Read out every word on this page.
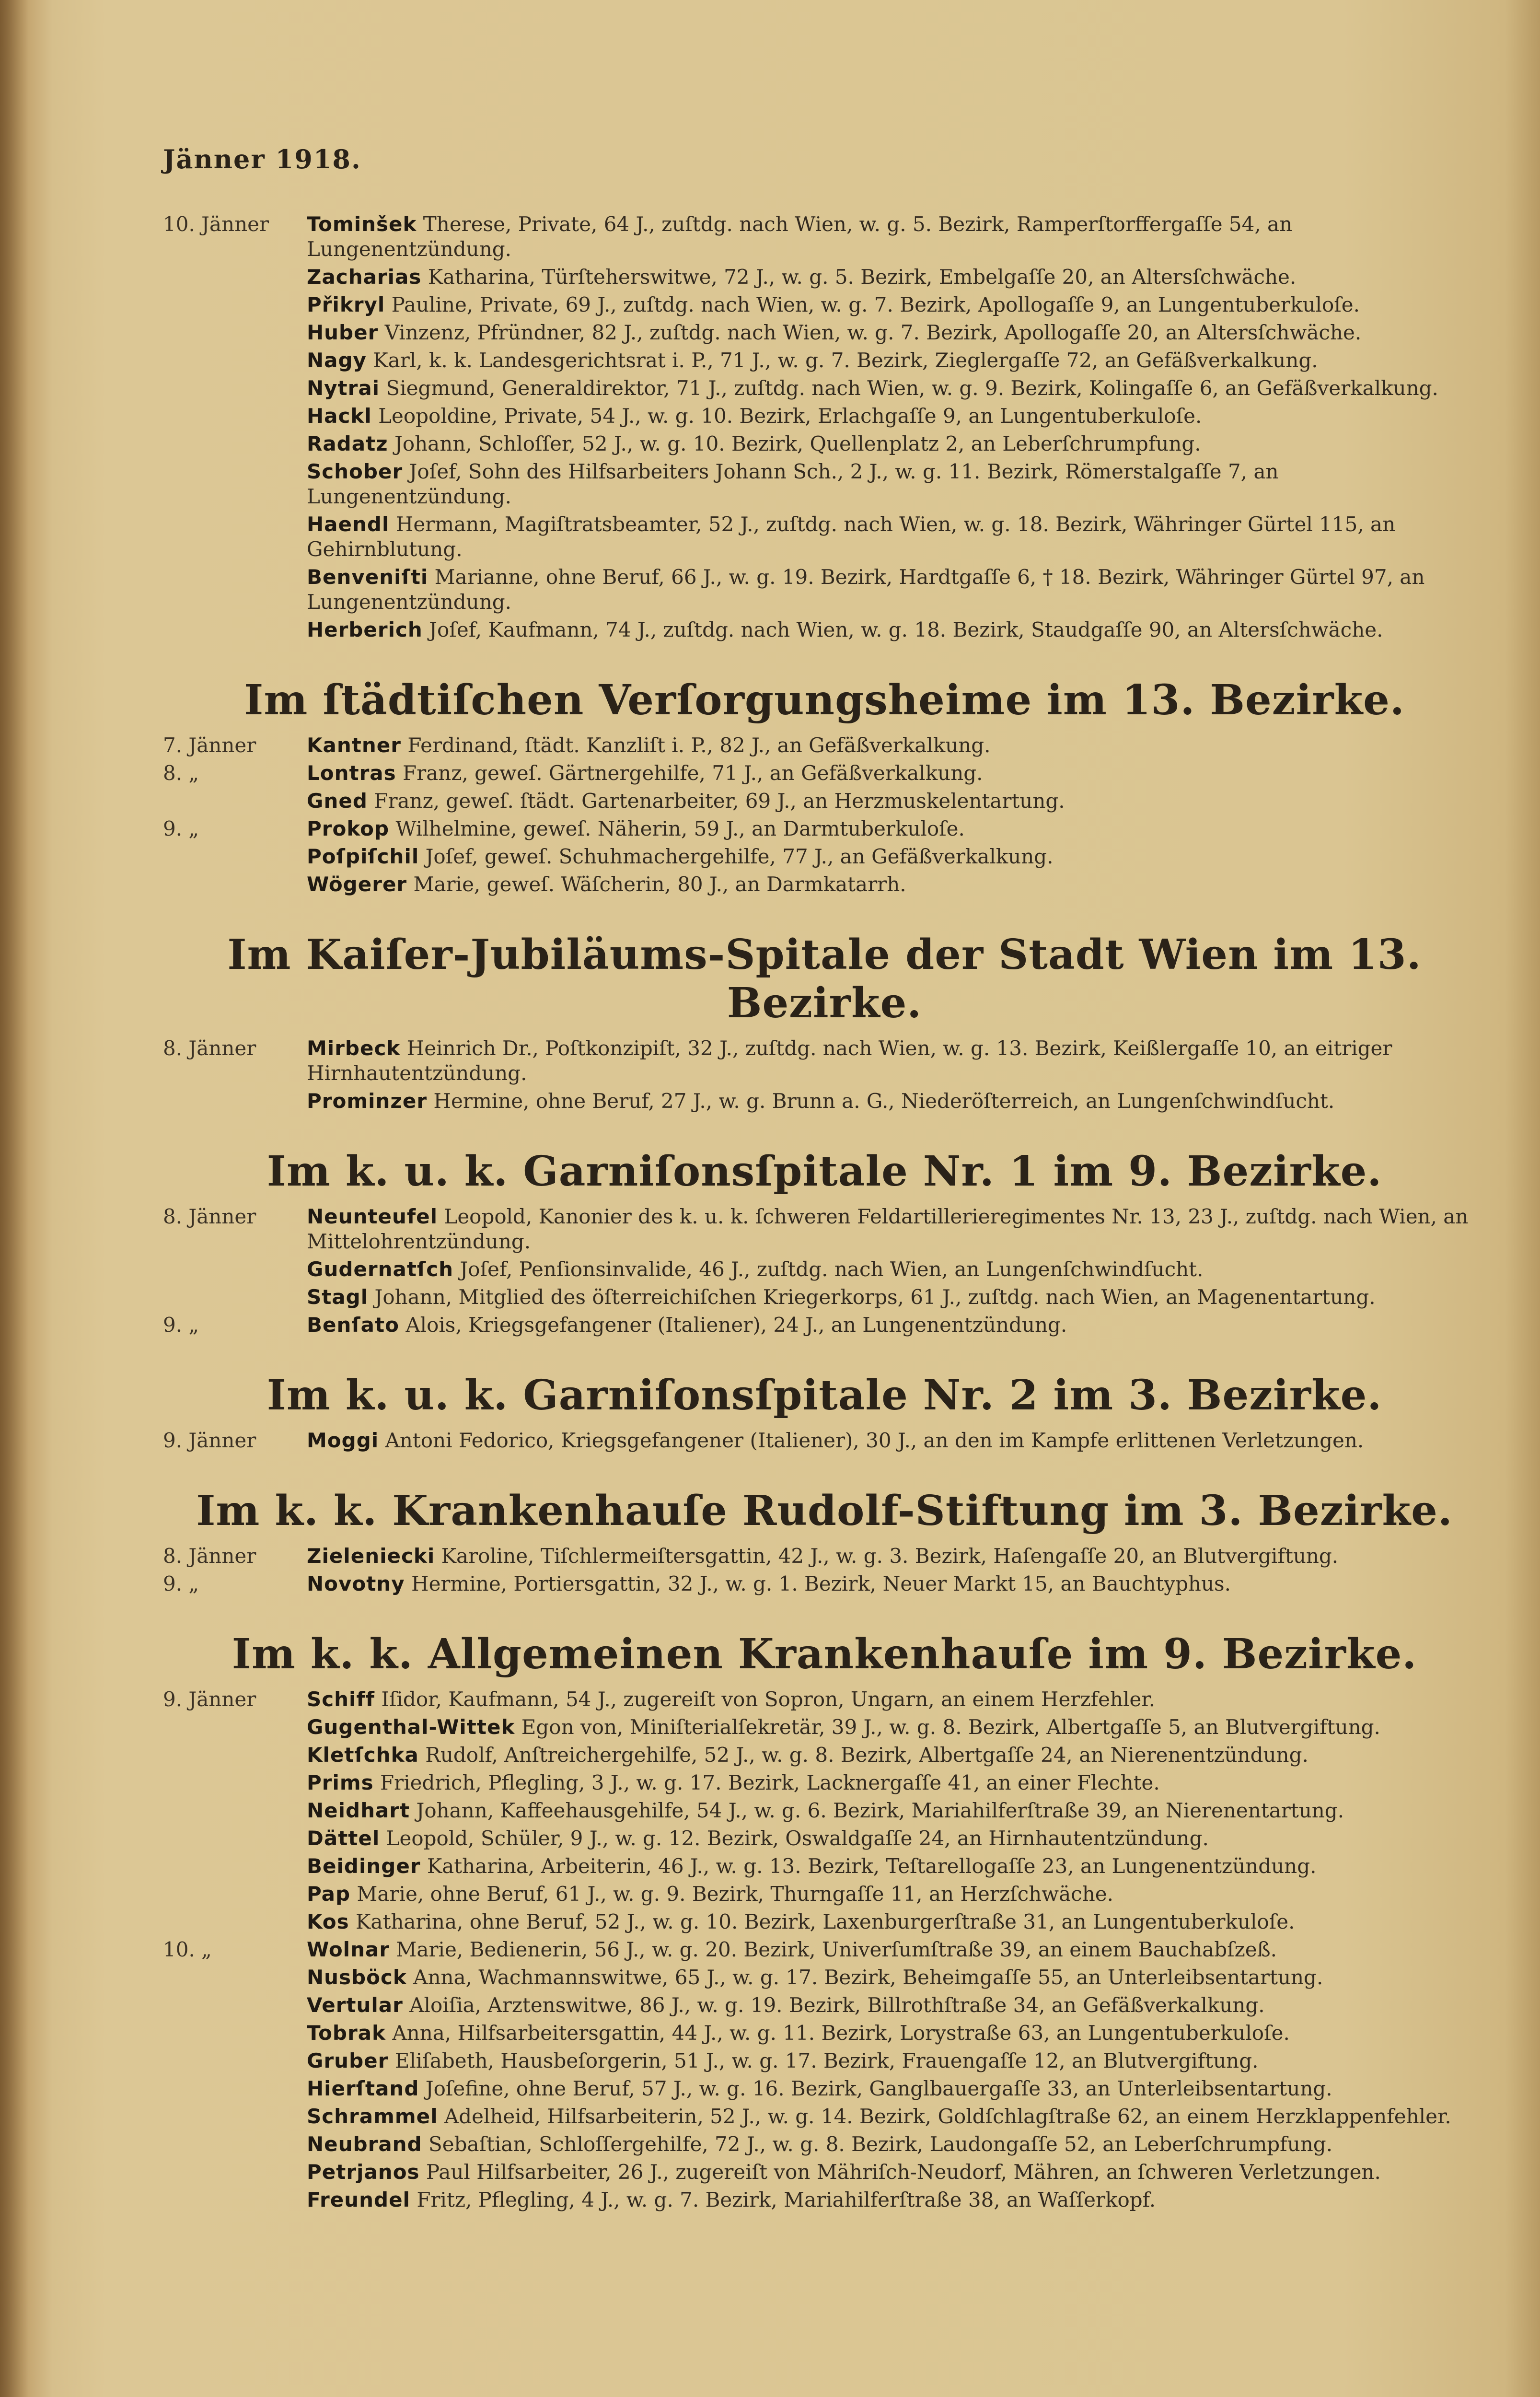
Jänner 1918.
10. Jänner	Tominšek Therese, Private, 64 J., zuſtdg. nach Wien, w. g. 5. Bezirk, Ramperſtorffergaſſe 54, an Lungenentzündung.
Zacharias Katharina, Türſteherswitwe, 72 J., w. g. 5. Bezirk, Embelgaſſe 20, an Altersſchwäche.
Přikryl Pauline, Private, 69 J., zuſtdg. nach Wien, w. g. 7. Bezirk, Apollogaſſe 9, an Lungentuberkuloſe.
Huber Vinzenz, Pfründner, 82 J., zuſtdg. nach Wien, w. g. 7. Bezirk, Apollogaſſe 20, an Altersſchwäche.
Nagy Karl, k. k. Landesgerichtsrat i. P., 71 J., w. g. 7. Bezirk, Zieglergaſſe 72, an Gefäßverkalkung.
Nytrai Siegmund, Generaldirektor, 71 J., zuſtdg. nach Wien, w. g. 9. Bezirk, Kolingaſſe 6, an Gefäßverkalkung.
Hackl Leopoldine, Private, 54 J., w. g. 10. Bezirk, Erlachgaſſe 9, an Lungentuberkuloſe.
Radatz Johann, Schloſſer, 52 J., w. g. 10. Bezirk, Quellenplatz 2, an Leberſchrumpfung.
Schober Joſef, Sohn des Hilfsarbeiters Johann Sch., 2 J., w. g. 11. Bezirk, Römerstalgaſſe 7, an Lungenentzündung.
Haendl Hermann, Magiſtratsbeamter, 52 J., zuſtdg. nach Wien, w. g. 18. Bezirk, Währinger Gürtel 115, an Gehirnblutung.
Benveniſti Marianne, ohne Beruf, 66 J., w. g. 19. Bezirk, Hardtgaſſe 6, † 18. Bezirk, Währinger Gürtel 97, an Lungenentzündung.
Herberich Joſef, Kaufmann, 74 J., zuſtdg. nach Wien, w. g. 18. Bezirk, Staudgaſſe 90, an Altersſchwäche.
Im ſtädtiſchen Verſorgungsheime im 13. Bezirke.
7. Jänner	Kantner Ferdinand, ſtädt. Kanzliſt i. P., 82 J., an Gefäßverkalkung.
8. „	Lontras Franz, geweſ. Gärtnergehilfe, 71 J., an Gefäßverkalkung.
Gned Franz, geweſ. ſtädt. Gartenarbeiter, 69 J., an Herzmuskelentartung.
9. „	Prokop Wilhelmine, geweſ. Näherin, 59 J., an Darmtuberkuloſe.
Poſpiſchil Joſef, geweſ. Schuhmachergehilfe, 77 J., an Gefäßverkalkung.
Wögerer Marie, geweſ. Wäſcherin, 80 J., an Darmkatarrh.
Im Kaiſer-Jubiläums-Spitale der Stadt Wien im 13. Bezirke.
8. Jänner	Mirbeck Heinrich Dr., Poſtkonzipiſt, 32 J., zuſtdg. nach Wien, w. g. 13. Bezirk, Keißlergaſſe 10, an eitriger Hirnhautentzündung.
Prominzer Hermine, ohne Beruf, 27 J., w. g. Brunn a. G., Niederöſterreich, an Lungenſchwindſucht.
Im k. u. k. Garniſonsſpitale Nr. 1 im 9. Bezirke.
8. Jänner	Neunteufel Leopold, Kanonier des k. u. k. ſchweren Feldartillerieregimentes Nr. 13, 23 J., zuſtdg. nach Wien, an Mittelohrentzündung.
Gudernatſch Joſef, Penſionsinvalide, 46 J., zuſtdg. nach Wien, an Lungenſchwindſucht.
Stagl Johann, Mitglied des öſterreichiſchen Kriegerkorps, 61 J., zuſtdg. nach Wien, an Magenentartung.
9. „	Benſato Alois, Kriegsgefangener (Italiener), 24 J., an Lungenentzündung.
Im k. u. k. Garniſonsſpitale Nr. 2 im 3. Bezirke.
9. Jänner	Moggi Antoni Fedorico, Kriegsgefangener (Italiener), 30 J., an den im Kampfe erlittenen Verletzungen.
Im k. k. Krankenhauſe Rudolf-Stiftung im 3. Bezirke.
8. Jänner	Zieleniecki Karoline, Tiſchlermeiſtersgattin, 42 J., w. g. 3. Bezirk, Haſengaſſe 20, an Blutvergiftung.
9. „	Novotny Hermine, Portiersgattin, 32 J., w. g. 1. Bezirk, Neuer Markt 15, an Bauchtyphus.
Im k. k. Allgemeinen Krankenhauſe im 9. Bezirke.
9. Jänner	Schiff Iſidor, Kaufmann, 54 J., zugereiſt von Sopron, Ungarn, an einem Herzfehler.
Gugenthal-Wittek Egon von, Miniſterialſekretär, 39 J., w. g. 8. Bezirk, Albertgaſſe 5, an Blutvergiftung.
Kletſchka Rudolf, Anſtreichergehilfe, 52 J., w. g. 8. Bezirk, Albertgaſſe 24, an Nierenentzündung.
Prims Friedrich, Pflegling, 3 J., w. g. 17. Bezirk, Lacknergaſſe 41, an einer Flechte.
Neidhart Johann, Kaffeehausgehilfe, 54 J., w. g. 6. Bezirk, Mariahilferſtraße 39, an Nierenentartung.
Dättel Leopold, Schüler, 9 J., w. g. 12. Bezirk, Oswaldgaſſe 24, an Hirnhautentzündung.
Beidinger Katharina, Arbeiterin, 46 J., w. g. 13. Bezirk, Teſtarellogaſſe 23, an Lungenentzündung.
Pap Marie, ohne Beruf, 61 J., w. g. 9. Bezirk, Thurngaſſe 11, an Herzſchwäche.
Kos Katharina, ohne Beruf, 52 J., w. g. 10. Bezirk, Laxenburgerſtraße 31, an Lungentuberkuloſe.
10. „	Wolnar Marie, Bedienerin, 56 J., w. g. 20. Bezirk, Univerſumſtraße 39, an einem Bauchabſzeß.
Nusböck Anna, Wachmannswitwe, 65 J., w. g. 17. Bezirk, Beheimgaſſe 55, an Unterleibsentartung.
Vertular Aloiſia, Arztenswitwe, 86 J., w. g. 19. Bezirk, Billrothſtraße 34, an Gefäßverkalkung.
Tobrak Anna, Hilfsarbeitersgattin, 44 J., w. g. 11. Bezirk, Lorystraße 63, an Lungentuberkuloſe.
Gruber Eliſabeth, Hausbeſorgerin, 51 J., w. g. 17. Bezirk, Frauengaſſe 12, an Blutvergiftung.
Hierſtand Joſefine, ohne Beruf, 57 J., w. g. 16. Bezirk, Ganglbauergaſſe 33, an Unterleibsentartung.
Schrammel Adelheid, Hilfsarbeiterin, 52 J., w. g. 14. Bezirk, Goldſchlagſtraße 62, an einem Herzklappenfehler.
Neubrand Sebaſtian, Schloſſergehilfe, 72 J., w. g. 8. Bezirk, Laudongaſſe 52, an Leberſchrumpfung.
Petrjanos Paul Hilfsarbeiter, 26 J., zugereiſt von Mähriſch-Neudorf, Mähren, an ſchweren Verletzungen.
Freundel Fritz, Pflegling, 4 J., w. g. 7. Bezirk, Mariahilferſtraße 38, an Waſſerkopf.
